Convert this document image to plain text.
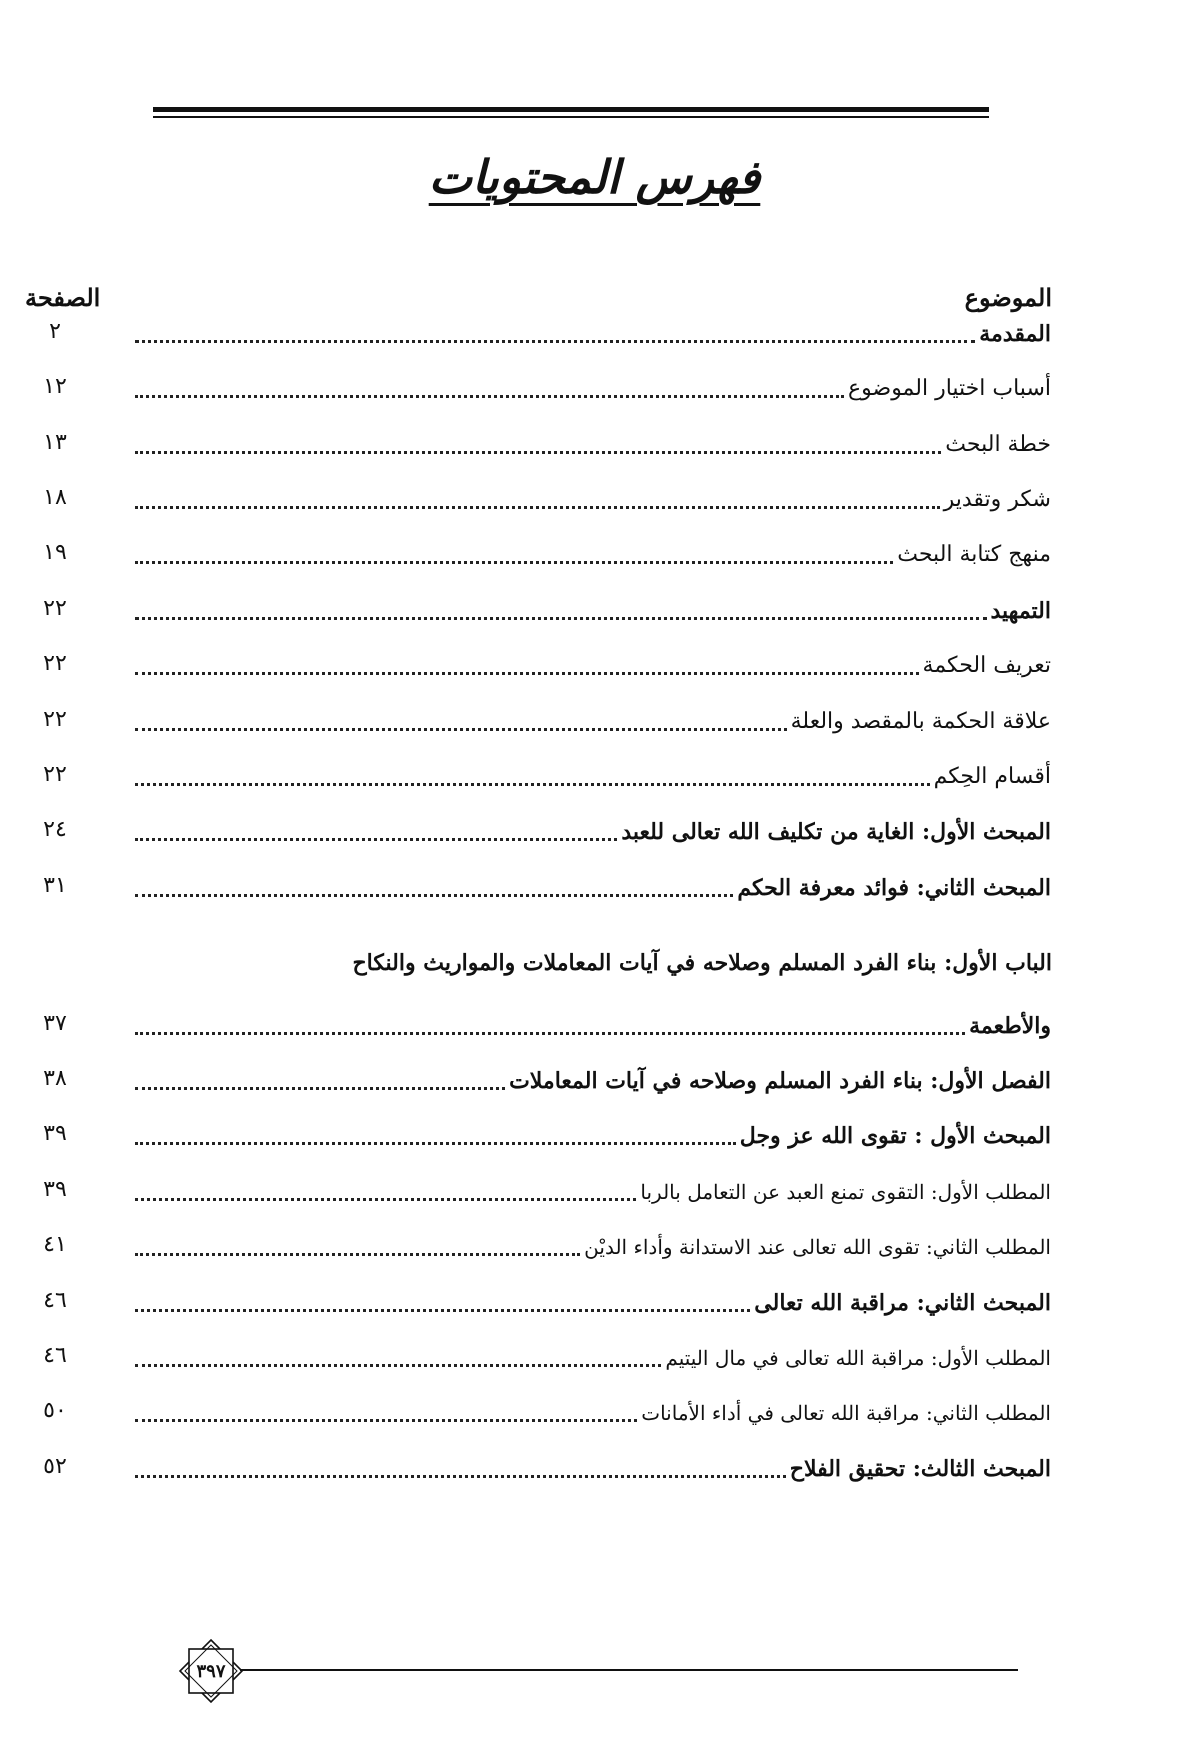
فهرس المحتويات
الموضوع
الصفحة
المقدمة
٢
أسباب اختيار الموضوع
١٢
خطة البحث
١٣
شكر وتقدير
١٨
منهج كتابة البحث
١٩
التمهيد
٢٢
تعريف الحكمة
٢٢
علاقة الحكمة بالمقصد والعلة
٢٢
أقسام الحِكم
٢٢
المبحث الأول: الغاية من تكليف الله تعالى للعبد
٢٤
المبحث الثاني: فوائد معرفة الحكم
٣١
الباب الأول: بناء الفرد المسلم وصلاحه في آيات المعاملات والمواريث والنكاح
والأطعمة
٣٧
الفصل الأول: بناء الفرد المسلم وصلاحه في آيات المعاملات
٣٨
المبحث الأول : تقوى الله عز وجل
٣٩
المطلب الأول: التقوى تمنع العبد عن التعامل بالربا
٣٩
المطلب الثاني: تقوى الله تعالى عند الاستدانة وأداء الديْن
٤١
المبحث الثاني: مراقبة الله تعالى
٤٦
المطلب الأول: مراقبة الله تعالى في مال اليتيم
٤٦
المطلب الثاني: مراقبة الله تعالى في أداء الأمانات
٥٠
المبحث الثالث: تحقيق الفلاح
٥٢
٣٩٧
